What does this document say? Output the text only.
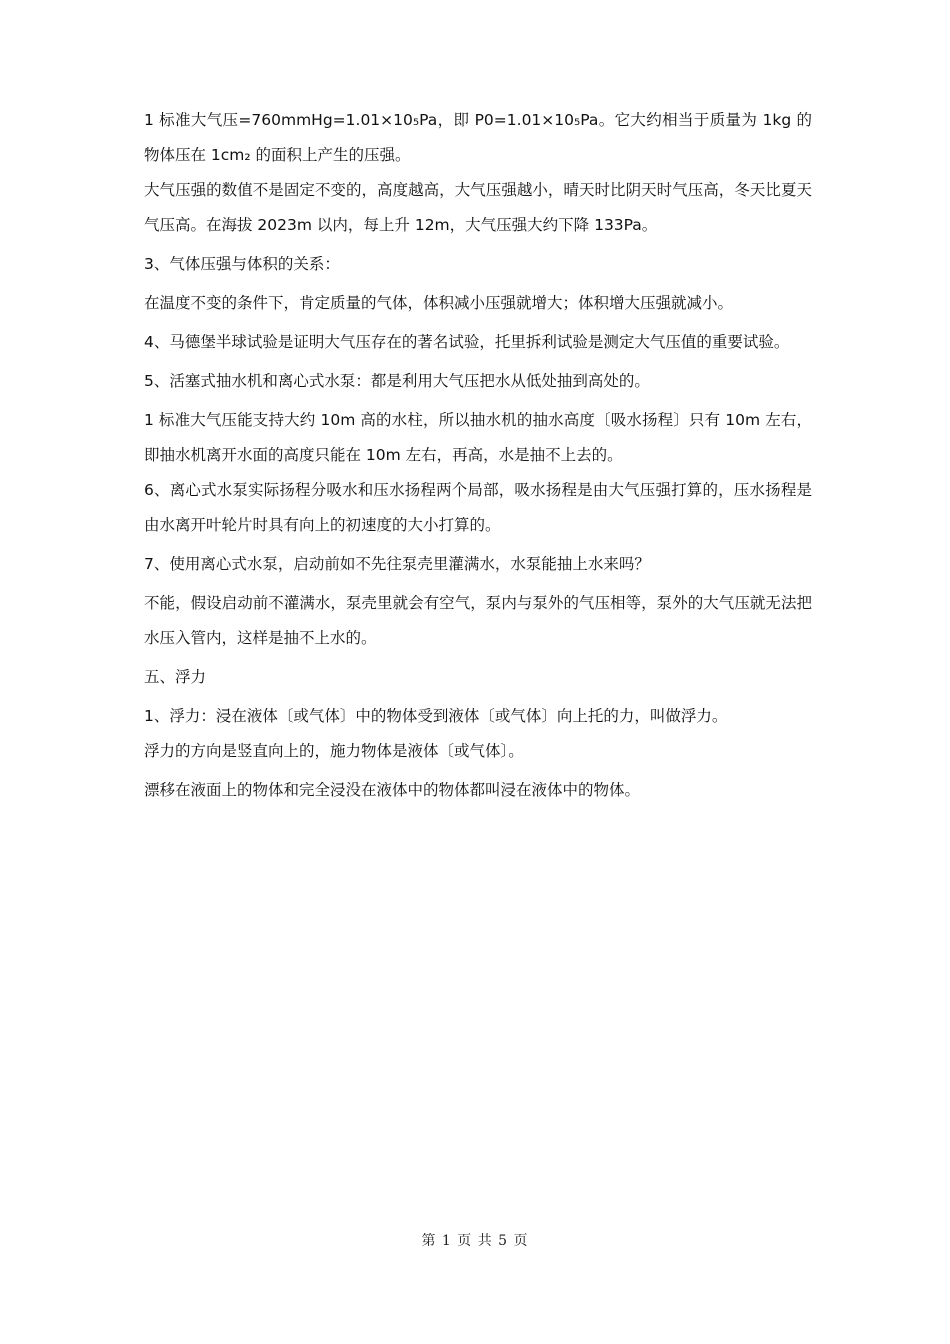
1 标准大气压=760mmHg=1.01×10₅Pa，即 P0=1.01×10₅Pa。它大约相当于质量为 1kg 的物体压在 1cm₂ 的面积上产生的压强。

大气压强的数值不是固定不变的，高度越高，大气压强越小，晴天时比阴天时气压高，冬天比夏天气压高。在海拔 2023m 以内，每上升 12m，大气压强大约下降 133Pa。

3、气体压强与体积的关系：

在温度不变的条件下，肯定质量的气体，体积减小压强就增大；体积增大压强就减小。

4、马德堡半球试验是证明大气压存在的著名试验，托里拆利试验是测定大气压值的重要试验。

5、活塞式抽水机和离心式水泵：都是利用大气压把水从低处抽到高处的。

1 标准大气压能支持大约 10m 高的水柱，所以抽水机的抽水高度〔吸水扬程〕只有 10m 左右，即抽水机离开水面的高度只能在 10m 左右，再高，水是抽不上去的。

6、离心式水泵实际扬程分吸水和压水扬程两个局部，吸水扬程是由大气压强打算的，压水扬程是由水离开叶轮片时具有向上的初速度的大小打算的。

7、使用离心式水泵，启动前如不先往泵壳里灌满水，水泵能抽上水来吗？

不能，假设启动前不灌满水，泵壳里就会有空气，泵内与泵外的气压相等，泵外的大气压就无法把水压入管内，这样是抽不上水的。

五、浮力

1、浮力：浸在液体〔或气体〕中的物体受到液体〔或气体〕向上托的力，叫做浮力。

浮力的方向是竖直向上的，施力物体是液体〔或气体〕。

漂移在液面上的物体和完全浸没在液体中的物体都叫浸在液体中的物体。

第 1 页 共 5 页
